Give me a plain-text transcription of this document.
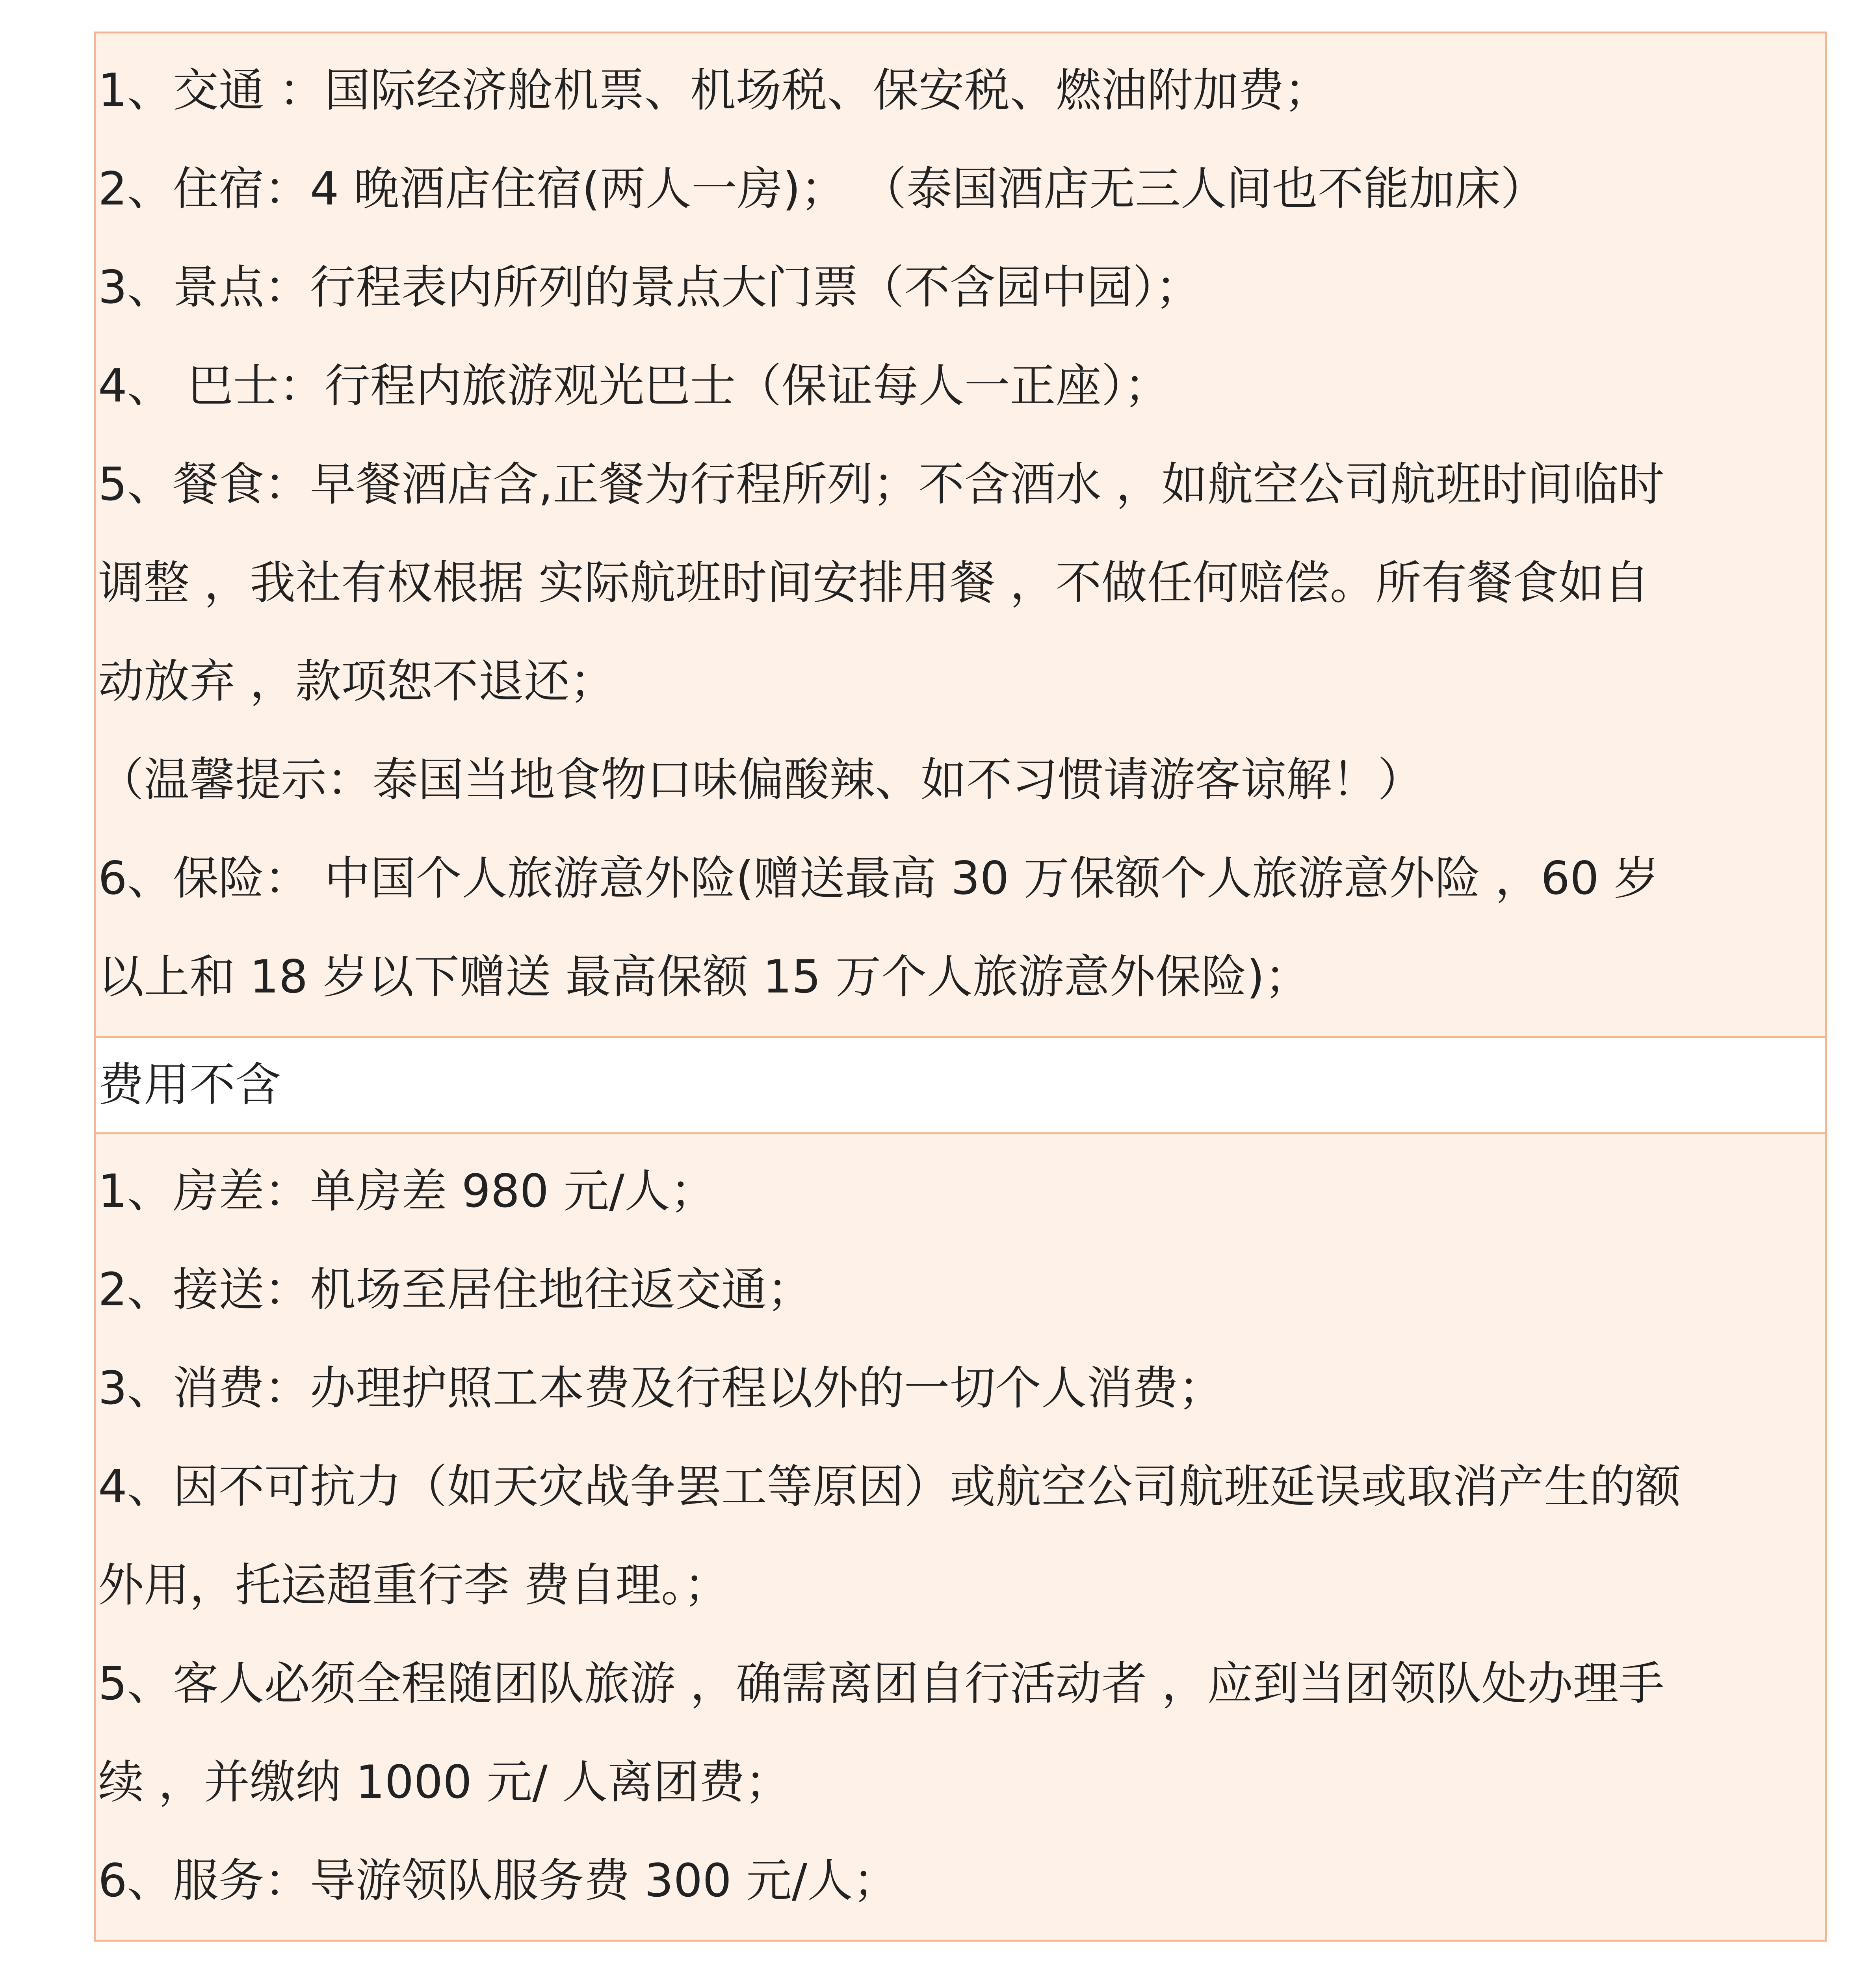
1、交通 ：国际经济舱机票、机场税、保安税、燃油附加费；
2、住宿：4 晚酒店住宿(两人一房)； （泰国酒店无三人间也不能加床）
3、景点：行程表内所列的景点大门票（不含园中园）；
4、 巴士：行程内旅游观光巴士（保证每人一正座）；
5、餐食：早餐酒店含,正餐为行程所列；不含酒水 ，如航空公司航班时间临时
调整 ，我社有权根据 实际航班时间安排用餐 ，不做任何赔偿。所有餐食如自
动放弃 ，款项恕不退还；
（温馨提示：泰国当地食物口味偏酸辣、如不习惯请游客谅解！）
6、保险： 中国个人旅游意外险(赠送最高 30 万保额个人旅游意外险 ，60 岁
以上和 18 岁以下赠送 最高保额 15 万个人旅游意外保险)；
费用不含
1、房差：单房差 980 元/人；
2、接送：机场至居住地往返交通；
3、消费：办理护照工本费及行程以外的一切个人消费；
4、因不可抗力（如天灾战争罢工等原因）或航空公司航班延误或取消产生的额
外用，托运超重行李 费自理。；
5、客人必须全程随团队旅游 ，确需离团自行活动者 ，应到当团领队处办理手
续 ，并缴纳 1000 元/ 人离团费；
6、服务：导游领队服务费 300 元/人；
